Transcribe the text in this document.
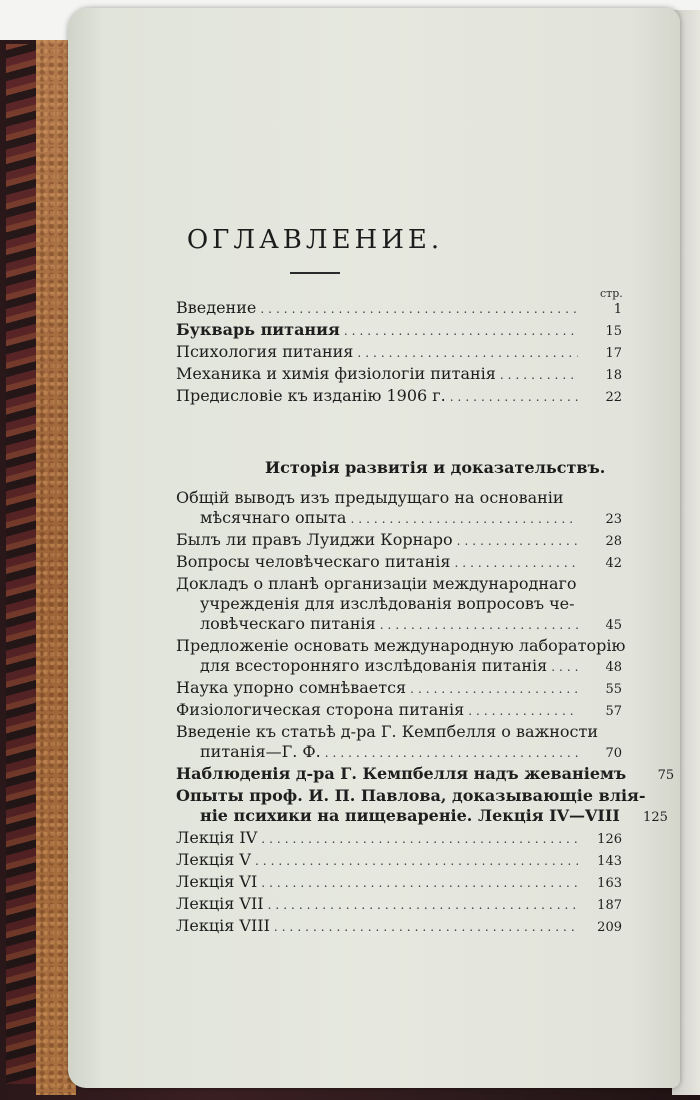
ОГЛАВЛЕНИЕ.
стр.
Введение .....	1
Букварь питания .....	15
Психология питания .....	17
Механика и химія физіологіи питанія .....	18
Предисловіе къ изданію 1906 г. .....	22
Исторія развитія и доказательствъ.
Общій выводъ изъ предыдущаго на основаніи
мѣсячнаго опыта .....	23
Былъ ли правъ Луиджи Корнаро .....	28
Вопросы человѣческаго питанія .....	42
Докладъ о планѣ организаціи международнаго
учрежденія для изслѣдованія вопросовъ че-
ловѣческаго питанія .....	45
Предложеніе основать международную лабораторію
для всесторонняго изслѣдованія питанія .....	48
Наука упорно сомнѣвается .....	55
Физіологическая сторона питанія .....	57
Введеніе къ статьѣ д-ра Г. Кемпбелля о важности
питанія—Г. Ф. .....	70
Наблюденія д-ра Г. Кемпбелля надъ жеваніемъ	75
Опыты проф. И. П. Павлова, доказывающіе влія-
ніе психики на пищевареніе. Лекція IV—VIII	125
Лекція IV .....	126
Лекція V .....	143
Лекція VI .....	163
Лекція VII .....	187
Лекція VIII .....	209
